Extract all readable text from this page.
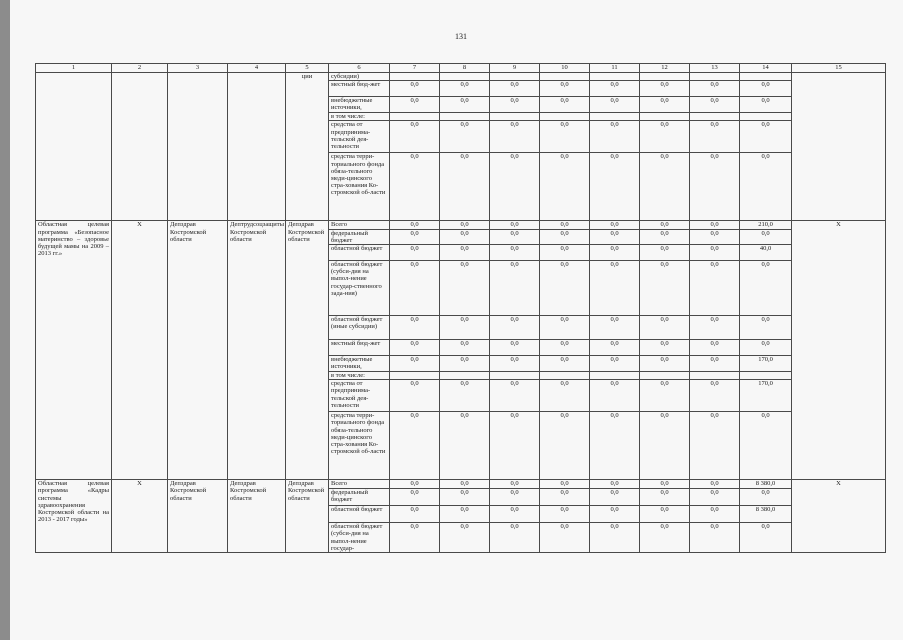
131
1	2	3	4	5	6	7	8	9	10	11	12	13	14	15
				ции	субсидии)									
					местный бюд-жет	0,0	0,0	0,0	0,0	0,0	0,0	0,0	0,0	
					внебюджетные источники,	0,0	0,0	0,0	0,0	0,0	0,0	0,0	0,0	
					в том числе:									
					средства от предпринима-тельской дея-тельности	0,0	0,0	0,0	0,0	0,0	0,0	0,0	0,0	
					средства терри-ториального фонда обяза-тельного меди-цинского стра-хования Ко-стромской об-ласти	0,0	0,0	0,0	0,0	0,0	0,0	0,0	0,0	
Областная целевая программа «Безопасное материнство – здоровье будущей мамы на 2009 – 2013 гг.»	Х	Депздрав Костромской области	Дептрудсоцзащиты Костромской области	Депздрав Костромской области	Всего	0,0	0,0	0,0	0,0	0,0	0,0	0,0	210,0	Х
					федеральный бюджет	0,0	0,0	0,0	0,0	0,0	0,0	0,0	0,0	
					областной бюджет	0,0	0,0	0,0	0,0	0,0	0,0	0,0	40,0	
					областной бюджет (субси-дия на выпол-нение государ-ственного зада-ния)	0,0	0,0	0,0	0,0	0,0	0,0	0,0	0,0	
					областной бюджет (иные субсидии)	0,0	0,0	0,0	0,0	0,0	0,0	0,0	0,0	
					местный бюд-жет	0,0	0,0	0,0	0,0	0,0	0,0	0,0	0,0	
					внебюджетные источники,	0,0	0,0	0,0	0,0	0,0	0,0	0,0	170,0	
					в том числе:									
					средства от предпринима-тельской дея-тельности	0,0	0,0	0,0	0,0	0,0	0,0	0,0	170,0	
					средства терри-ториального фонда обяза-тельного меди-цинского стра-хования Ко-стромской об-ласти	0,0	0,0	0,0	0,0	0,0	0,0	0,0	0,0	
Областная целевая программа «Кадры системы здравоохранения Костромской области на 2013 - 2017 годы»	Х	Депздрав Костромской области	Депздрав Костромской области	Депздрав Костромской области	Всего	0,0	0,0	0,0	0,0	0,0	0,0	0,0	8 380,0	Х
					федеральный бюджет	0,0	0,0	0,0	0,0	0,0	0,0	0,0	0,0	
					областной бюджет	0,0	0,0	0,0	0,0	0,0	0,0	0,0	8 380,0	
					областной бюджет (субси-дия на выпол-нение государ-	0,0	0,0	0,0	0,0	0,0	0,0	0,0	0,0	
